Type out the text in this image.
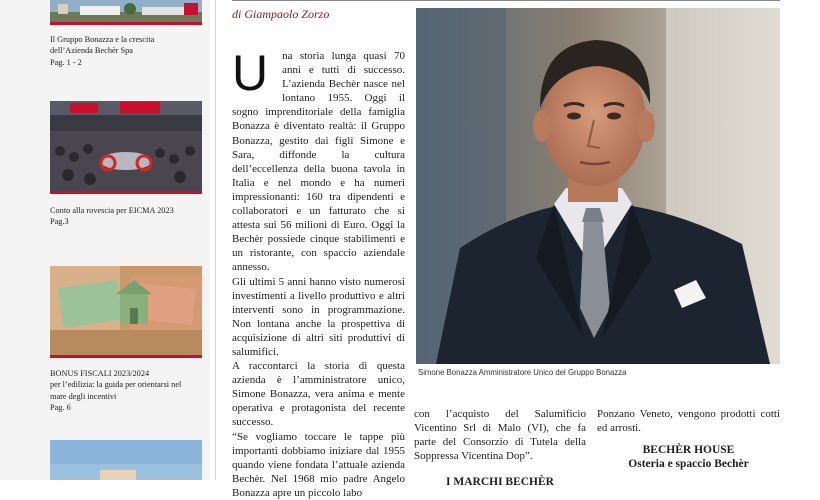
Il Gruppo Bonazza e la crescita
dell’Azienda Bechèr Spa
Pag. 1 - 2
Conto alla rovescia per EICMA 2023
Pag.3
BONUS FISCALI 2023/2024
per l’edilizia: la guida per orientarsi nel
mare degli incentivi
Pag. 6
di Giampaolo Zorzo

U na storia lunga quasi 70 anni e tutti di successo. L’azienda Bechèr nasce nel lontano 1955. Oggi il sogno imprenditoriale della famiglia Bonazza è diventato realtà: il Gruppo Bonazza, gestito dai figli Simone e Sara, diffonde la cultura dell’eccellenza della buona tavola in Italia e nel mondo e ha numeri impressionanti: 160 tra dipendenti e collaboratori e un fatturato che si attesta sui 56 milioni di Euro. Oggi la Bechèr possiede cinque stabilimenti e un ristorante, con spaccio aziendale annesso.

Gli ultimi 5 anni hanno visto numerosi investimenti a livello produttivo e altri interventi sono in programmazione. Non lontana anche la prospettiva di acquisizione di altri siti produttivi di salumifici.

A raccontarci la storia di questa azienda è l’amministratore unico, Simone Bonazza, vera anima e mente operativa e protagonista del recente successo.

“Se vogliamo toccare le tappe più importanti dobbiamo iniziare dal 1955 quando viene fondata l’attuale azienda Bechèr. Nel 1968 mio padre Angelo Bonazza apre un piccolo labo

Simone Bonazza Amministratore Unico del Gruppo Bonazza

con l’acquisto del Salumificio Vicentino Srl di Malo (VI), che fa parte del Consorzio di Tutela della Soppressa Vicentina Dop”.

I MARCHI BECHÈR

Ponzano Veneto, vengono prodotti cotti ed arrosti.

BECHÈR HOUSE

Osteria e spaccio Bechèr
